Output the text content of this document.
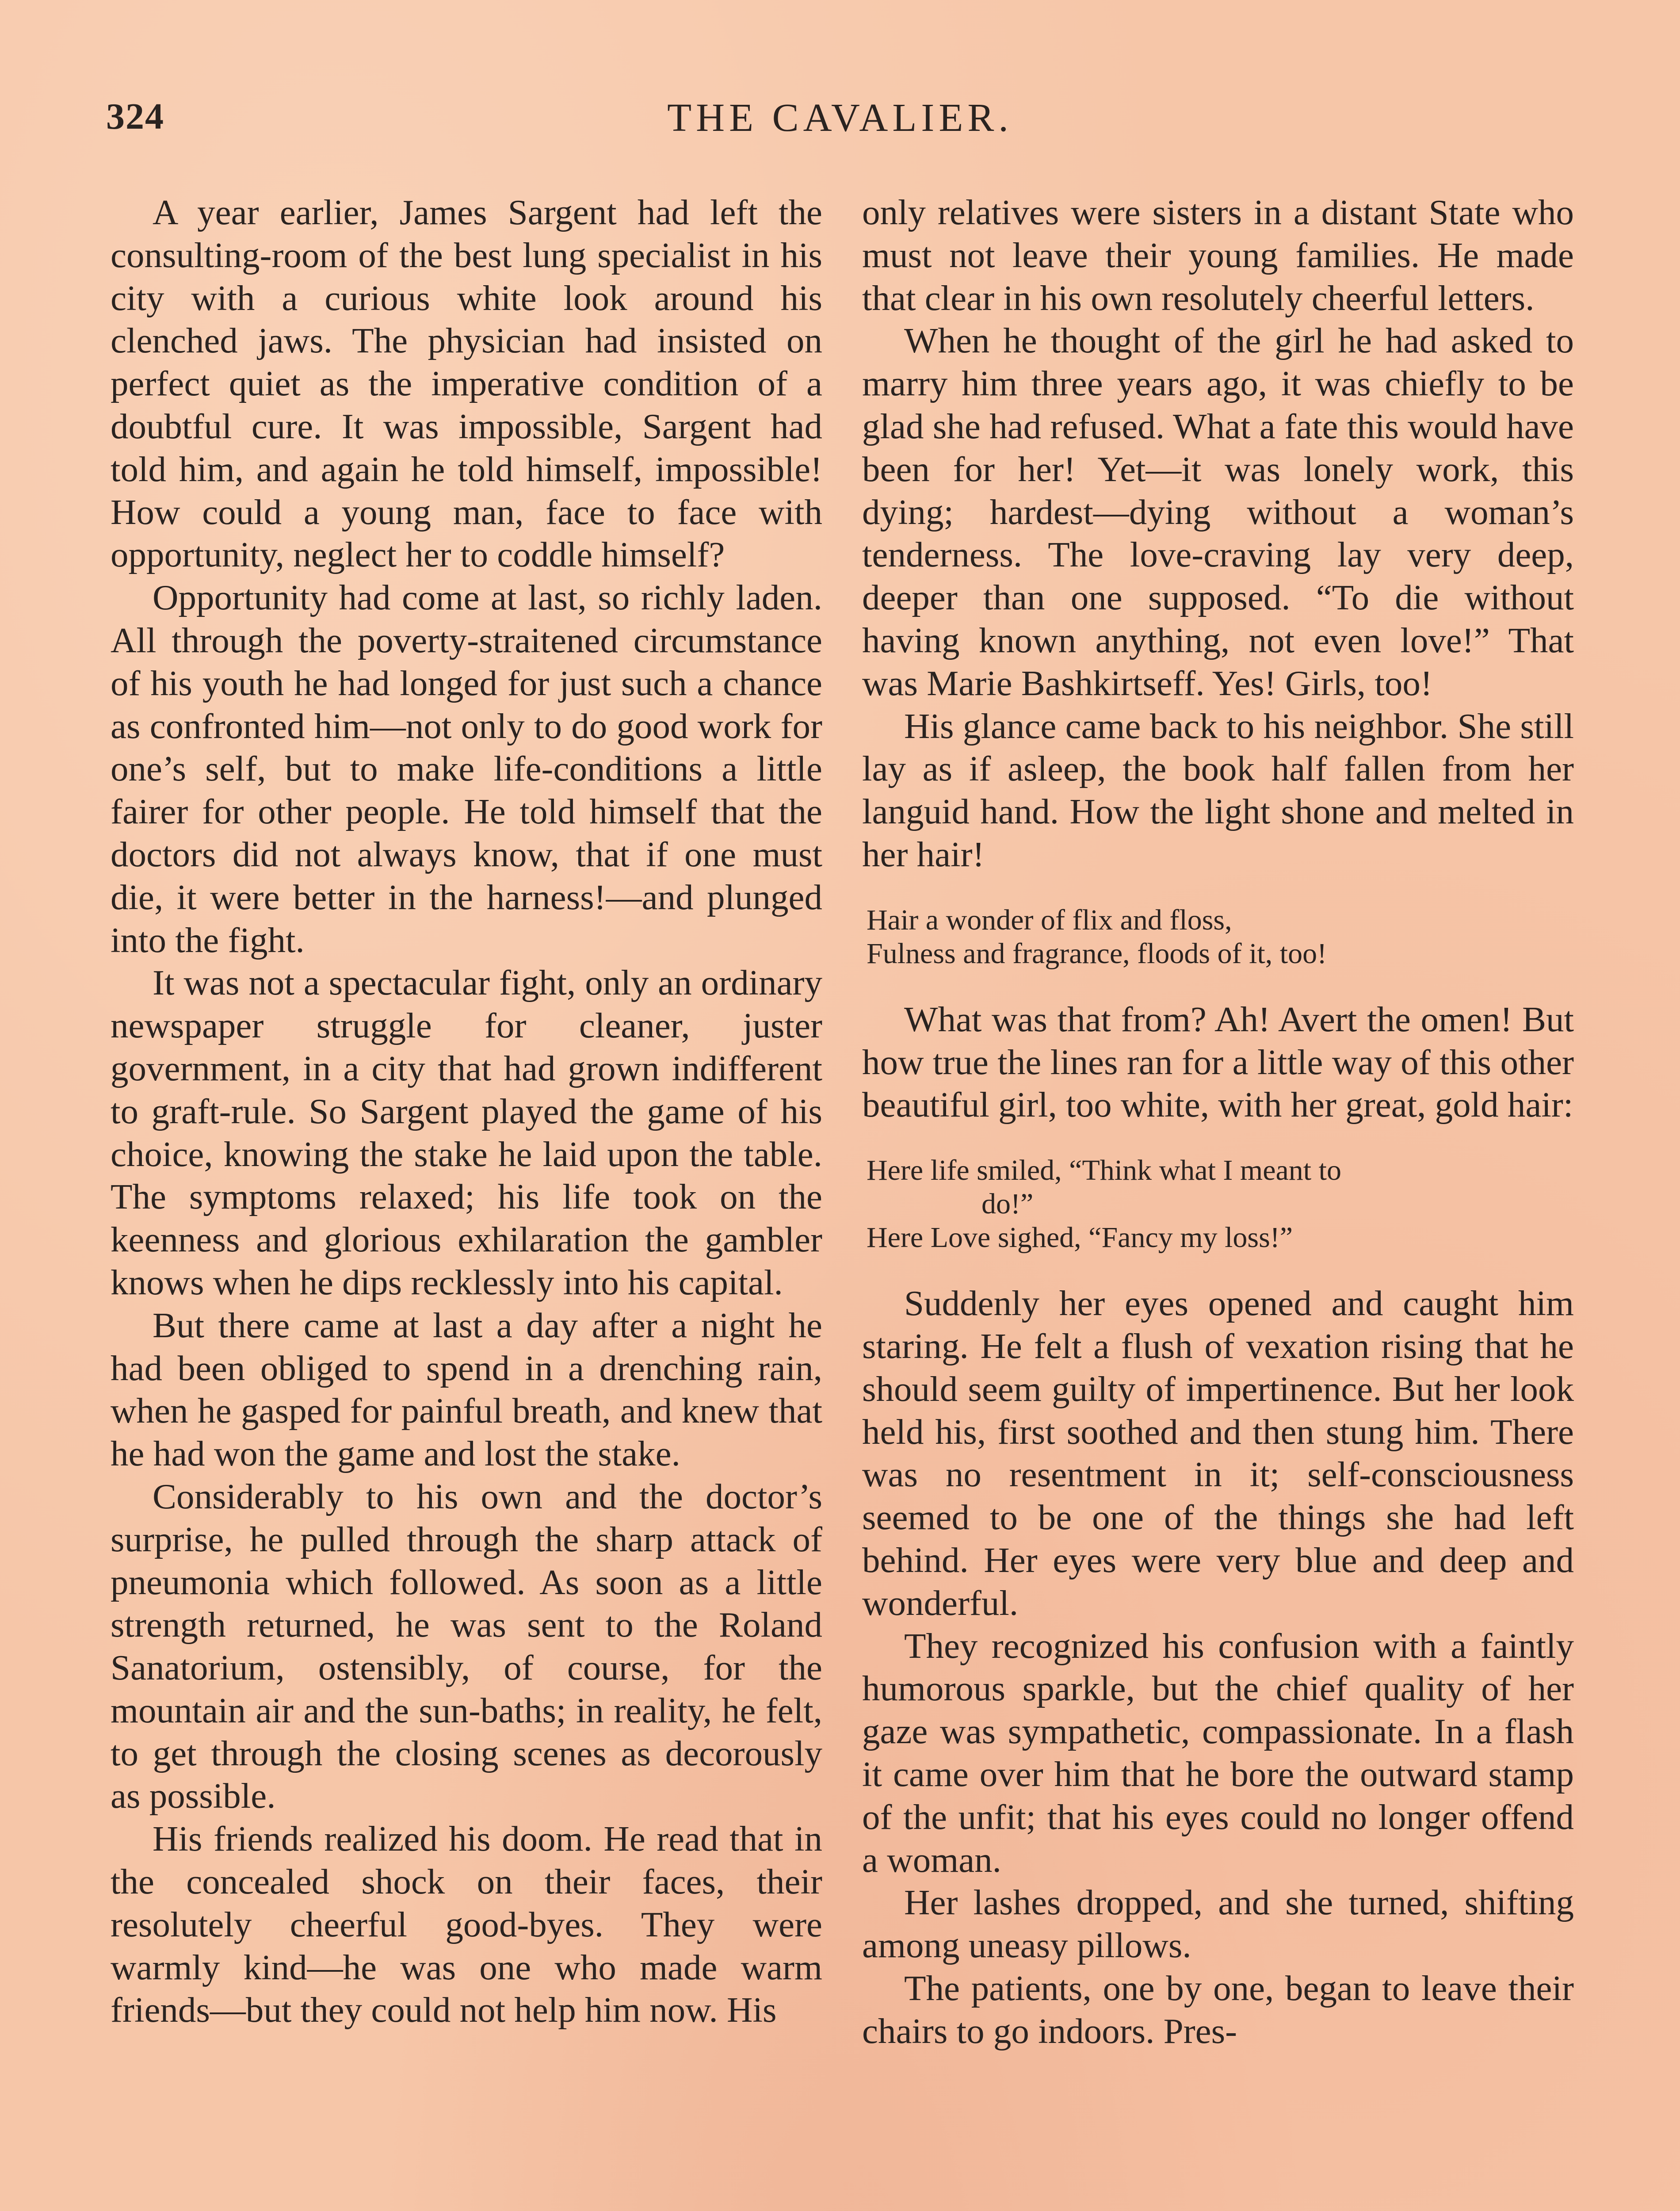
324	THE CAVALIER.

A year earlier, James Sargent had left the consulting-room of the best lung specialist in his city with a curious white look around his clenched jaws. The physician had insisted on perfect quiet as the imperative condition of a doubtful cure. It was impossible, Sargent had told him, and again he told himself, impossible! How could a young man, face to face with opportunity, neglect her to coddle himself?

Opportunity had come at last, so richly laden. All through the poverty-straitened circumstance of his youth he had longed for just such a chance as confronted him—not only to do good work for one’s self, but to make life-conditions a little fairer for other people. He told himself that the doctors did not always know, that if one must die, it were better in the harness!—and plunged into the fight.

It was not a spectacular fight, only an ordinary newspaper struggle for cleaner, juster government, in a city that had grown indifferent to graft-rule. So Sargent played the game of his choice, knowing the stake he laid upon the table. The symptoms relaxed; his life took on the keenness and glorious exhilaration the gambler knows when he dips recklessly into his capital.

But there came at last a day after a night he had been obliged to spend in a drenching rain, when he gasped for painful breath, and knew that he had won the game and lost the stake.

Considerably to his own and the doctor’s surprise, he pulled through the sharp attack of pneumonia which followed. As soon as a little strength returned, he was sent to the Roland Sanatorium, ostensibly, of course, for the mountain air and the sun-baths; in reality, he felt, to get through the closing scenes as decorously as possible.

His friends realized his doom. He read that in the concealed shock on their faces, their resolutely cheerful good-byes. They were warmly kind—he was one who made warm friends—but they could not help him now. His

only relatives were sisters in a distant State who must not leave their young families. He made that clear in his own resolutely cheerful letters.

When he thought of the girl he had asked to marry him three years ago, it was chiefly to be glad she had refused. What a fate this would have been for her! Yet—it was lonely work, this dying; hardest—dying without a woman’s tenderness. The love-craving lay very deep, deeper than one supposed. “To die without having known anything, not even love!” That was Marie Bashkirtseff. Yes! Girls, too!

His glance came back to his neighbor. She still lay as if asleep, the book half fallen from her languid hand. How the light shone and melted in her hair!

Hair a wonder of flix and floss,
Fulness and fragrance, floods of it, too!

What was that from? Ah! Avert the omen! But how true the lines ran for a little way of this other beautiful girl, too white, with her great, gold hair:

Here life smiled, “Think what I meant to
do!”
Here Love sighed, “Fancy my loss!”

Suddenly her eyes opened and caught him staring. He felt a flush of vexation rising that he should seem guilty of impertinence. But her look held his, first soothed and then stung him. There was no resentment in it; self-consciousness seemed to be one of the things she had left behind. Her eyes were very blue and deep and wonderful.

They recognized his confusion with a faintly humorous sparkle, but the chief quality of her gaze was sympathetic, compassionate. In a flash it came over him that he bore the outward stamp of the unfit; that his eyes could no longer offend a woman.

Her lashes dropped, and she turned, shifting among uneasy pillows.

The patients, one by one, began to leave their chairs to go indoors. Pres-
